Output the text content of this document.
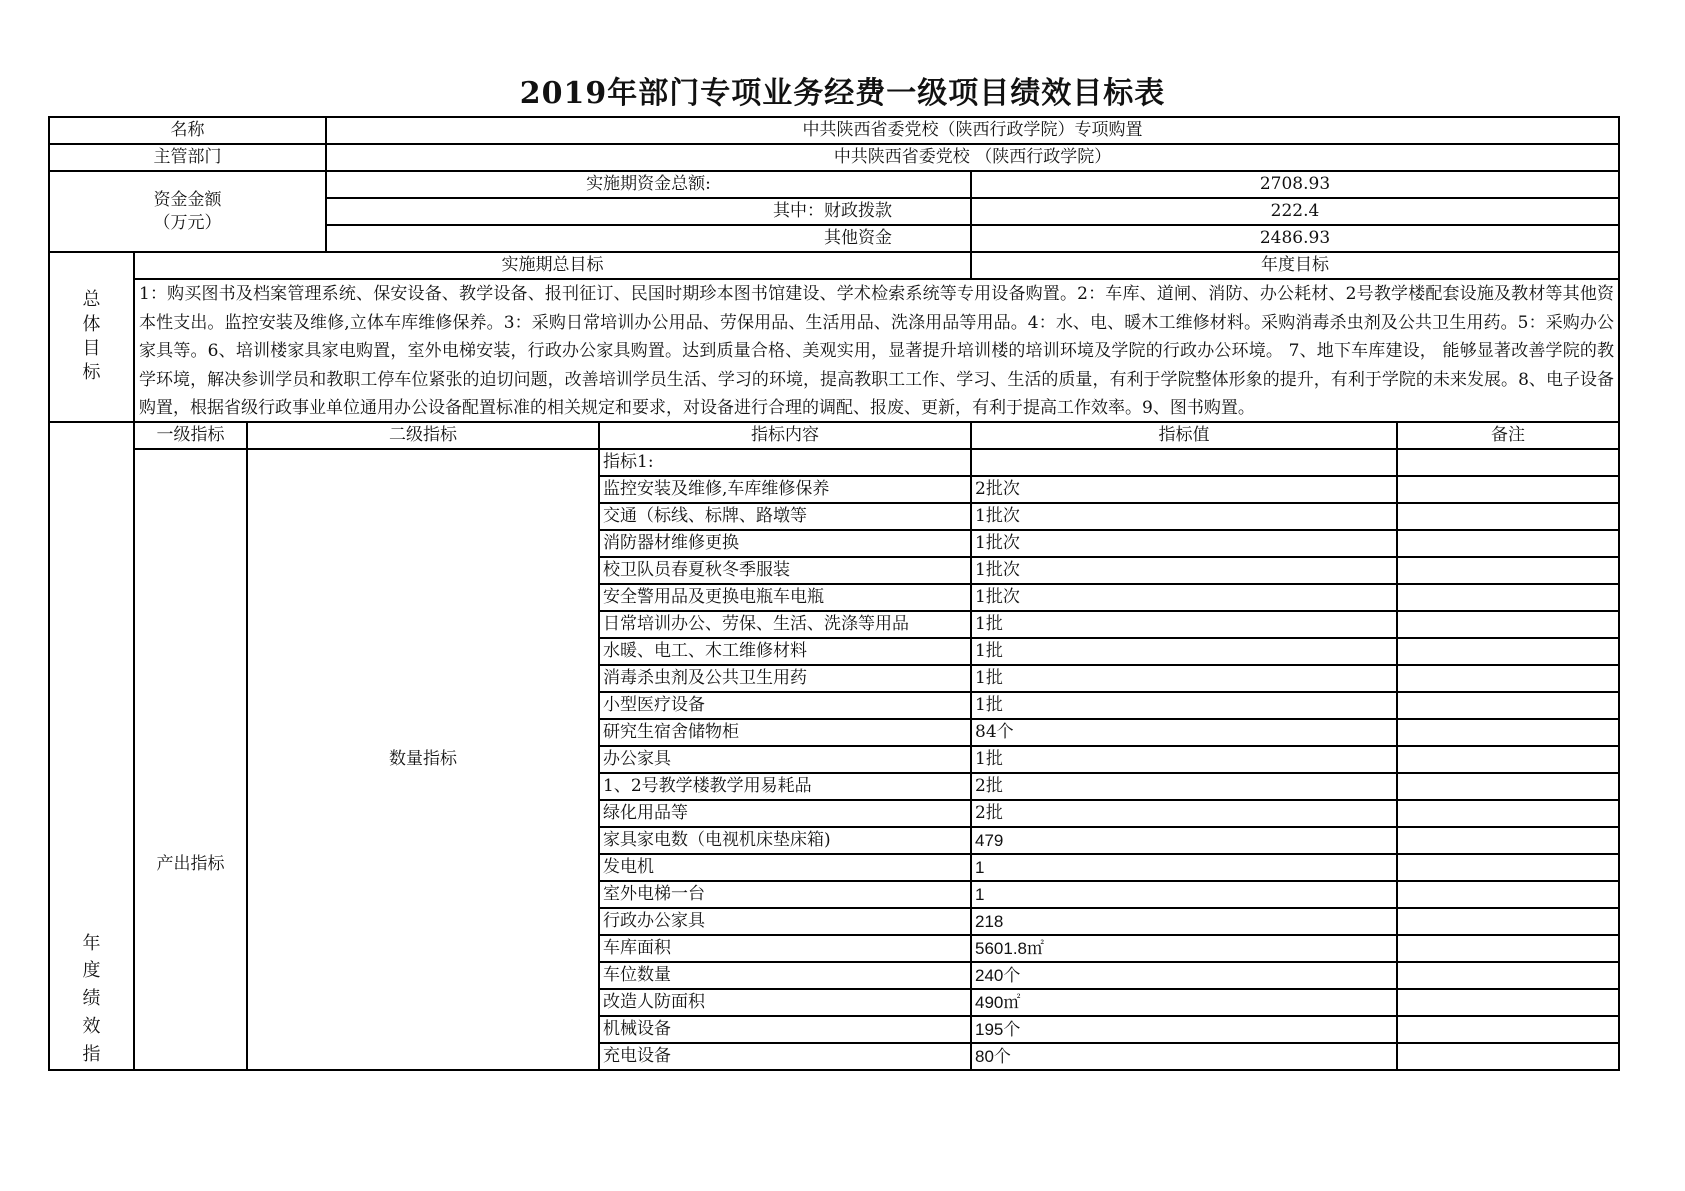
2019年部门专项业务经费一级项目绩效目标表
名称			中共陕西省委党校（陕西行政学院）专项购置			
主管部门			中共陕西省委党校 （陕西行政学院）			

资金金额
（万元）			实施期资金总额:		2708.93	
			其中：财政拨款		222.4	
			其他资金		2486.93	
总
体
目
标	实施期总目标				年度目标	

	1：购买图书及档案管理系统、保安设备、教学设备、报刊征订、民国时期珍本图书馆建设、学术检索系统等专用设备购置。2：车库、道闸、消防、办公耗材、2号教学楼配套设施及教材等其他资本性支出。监控安装及维修,立体车库维修保养。3：采购日常培训办公用品、劳保用品、生活用品、洗涤用品等用品。4：水、电、暖木工维修材料。采购消毒杀虫剂及公共卫生用药。5：采购办公家具等。6、培训楼家具家电购置，室外电梯安装，行政办公家具购置。达到质量合格、美观实用，显著提升培训楼的培训环境及学院的行政办公环境。 7、地下车库建设， 能够显著改善学院的教学环境，解决参训学员和教职工停车位紧张的迫切问题，改善培训学员生活、学习的环境，提高教职工工作、学习、生活的质量，有利于学院整体形象的提升，有利于学院的未来发展。8、电子设备购置，根据省级行政事业单位通用办公设备配置标准的相关规定和要求，对设备进行合理的调配、报废、更新，有利于提高工作效率。9、图书购置。					

年
度
绩
效
指	一级指标	二级指标		指标内容	指标值	备注
	产出指标	数量指标		指标1:		
				监控安装及维修,车库维修保养	2批次	
				交通（标线、标牌、路墩等	1批次	
				消防器材维修更换	1批次	
				校卫队员春夏秋冬季服装	1批次	
				安全警用品及更换电瓶车电瓶	1批次	
				日常培训办公、劳保、生活、洗涤等用品	1批	
				水暖、电工、木工维修材料	1批	
				消毒杀虫剂及公共卫生用药	1批	
				小型医疗设备	1批	
				研究生宿舍储物柜	84个	
				办公家具	1批	
				1、2号教学楼教学用易耗品	2批	
				绿化用品等	2批	
				家具家电数（电视机床垫床箱)	479	
				发电机	1	
				室外电梯一台	1	
				行政办公家具	218	
				车库面积	5601.8㎡	
				车位数量	240个	
				改造人防面积	490㎡	
				机械设备	195个	
				充电设备	80个	
